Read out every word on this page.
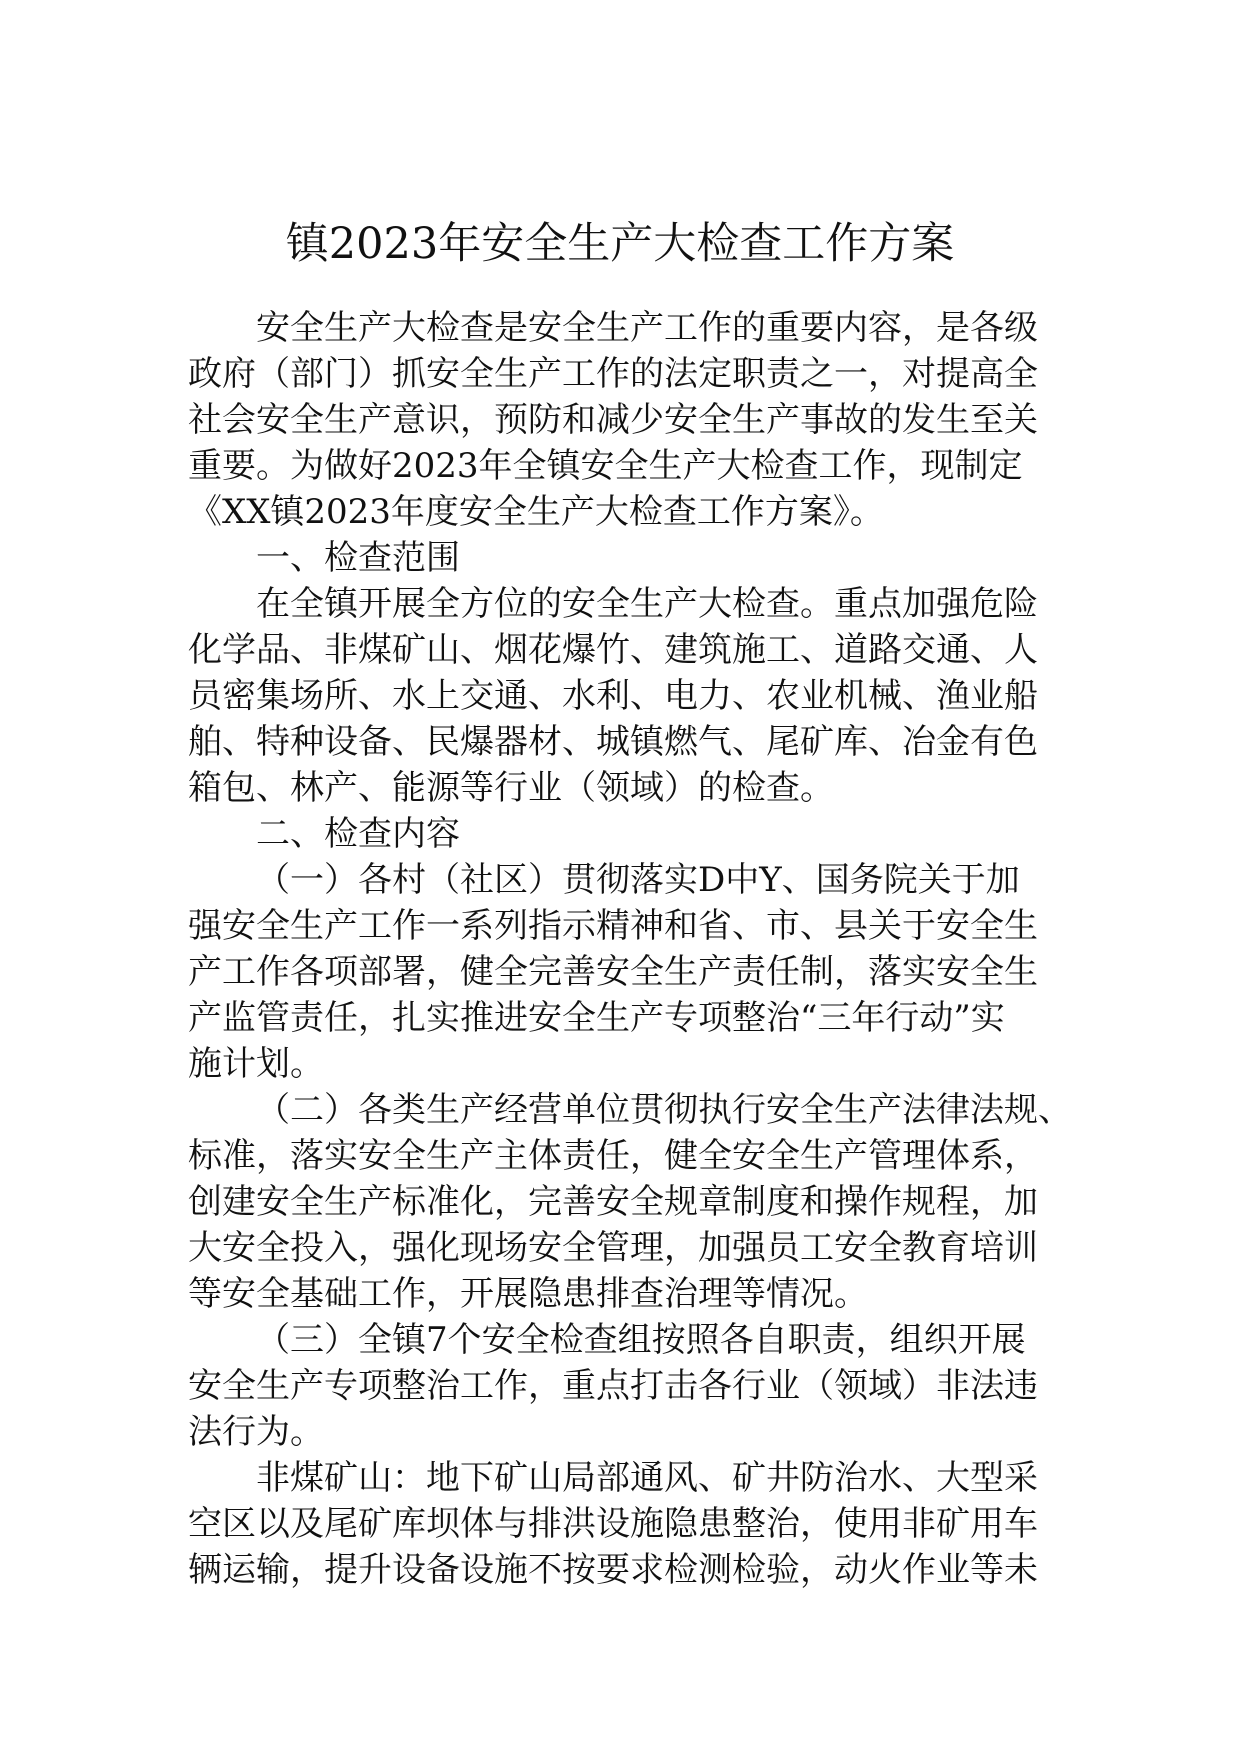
镇2023年安全生产大检查工作方案
安全生产大检查是安全生产工作的重要内容，是各级
政府（部门）抓安全生产工作的法定职责之一，对提高全
社会安全生产意识，预防和减少安全生产事故的发生至关
重要。为做好2023年全镇安全生产大检查工作，现制定
《XX镇2023年度安全生产大检查工作方案》。
一、检查范围
在全镇开展全方位的安全生产大检查。重点加强危险
化学品、非煤矿山、烟花爆竹、建筑施工、道路交通、人
员密集场所、水上交通、水利、电力、农业机械、渔业船
舶、特种设备、民爆器材、城镇燃气、尾矿库、冶金有色
箱包、林产、能源等行业（领域）的检查。
二、检查内容
（一）各村（社区）贯彻落实D中Y、国务院关于加
强安全生产工作一系列指示精神和省、市、县关于安全生
产工作各项部署，健全完善安全生产责任制，落实安全生
产监管责任，扎实推进安全生产专项整治“三年行动”实
施计划。
（二）各类生产经营单位贯彻执行安全生产法律法规、
标准，落实安全生产主体责任，健全安全生产管理体系，
创建安全生产标准化，完善安全规章制度和操作规程，加
大安全投入，强化现场安全管理，加强员工安全教育培训
等安全基础工作，开展隐患排查治理等情况。
（三）全镇7个安全检查组按照各自职责，组织开展
安全生产专项整治工作，重点打击各行业（领域）非法违
法行为。
非煤矿山：地下矿山局部通风、矿井防治水、大型采
空区以及尾矿库坝体与排洪设施隐患整治，使用非矿用车
辆运输，提升设备设施不按要求检测检验，动火作业等未
